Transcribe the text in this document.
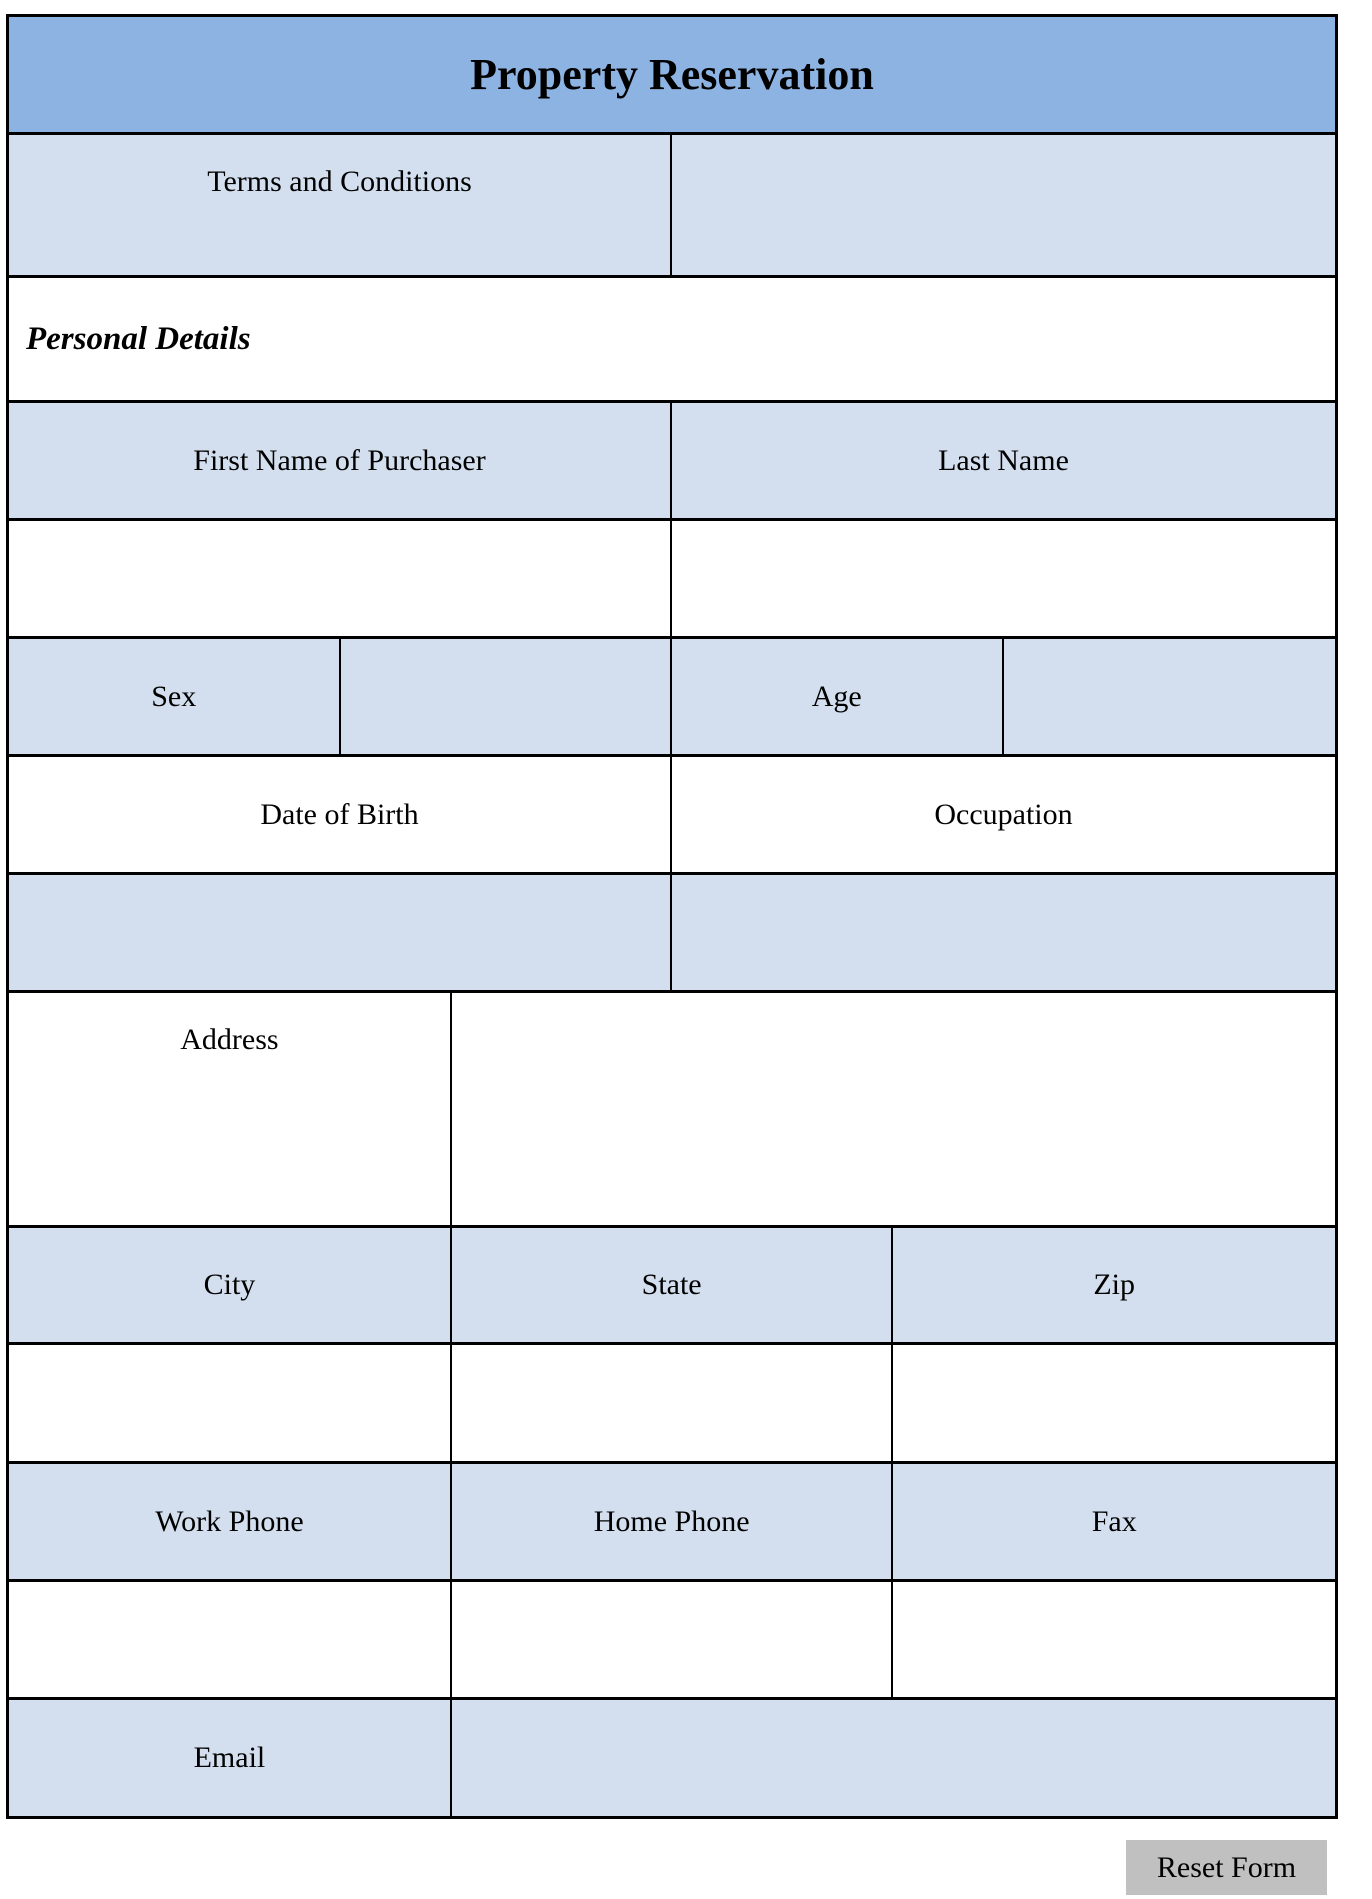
Property Reservation
Terms and Conditions
Personal Details
First Name of Purchaser	Last Name
Sex	Age
Date of Birth	Occupation
Address
City	State	Zip
Work Phone	Home Phone	Fax
Email
Reset Form
